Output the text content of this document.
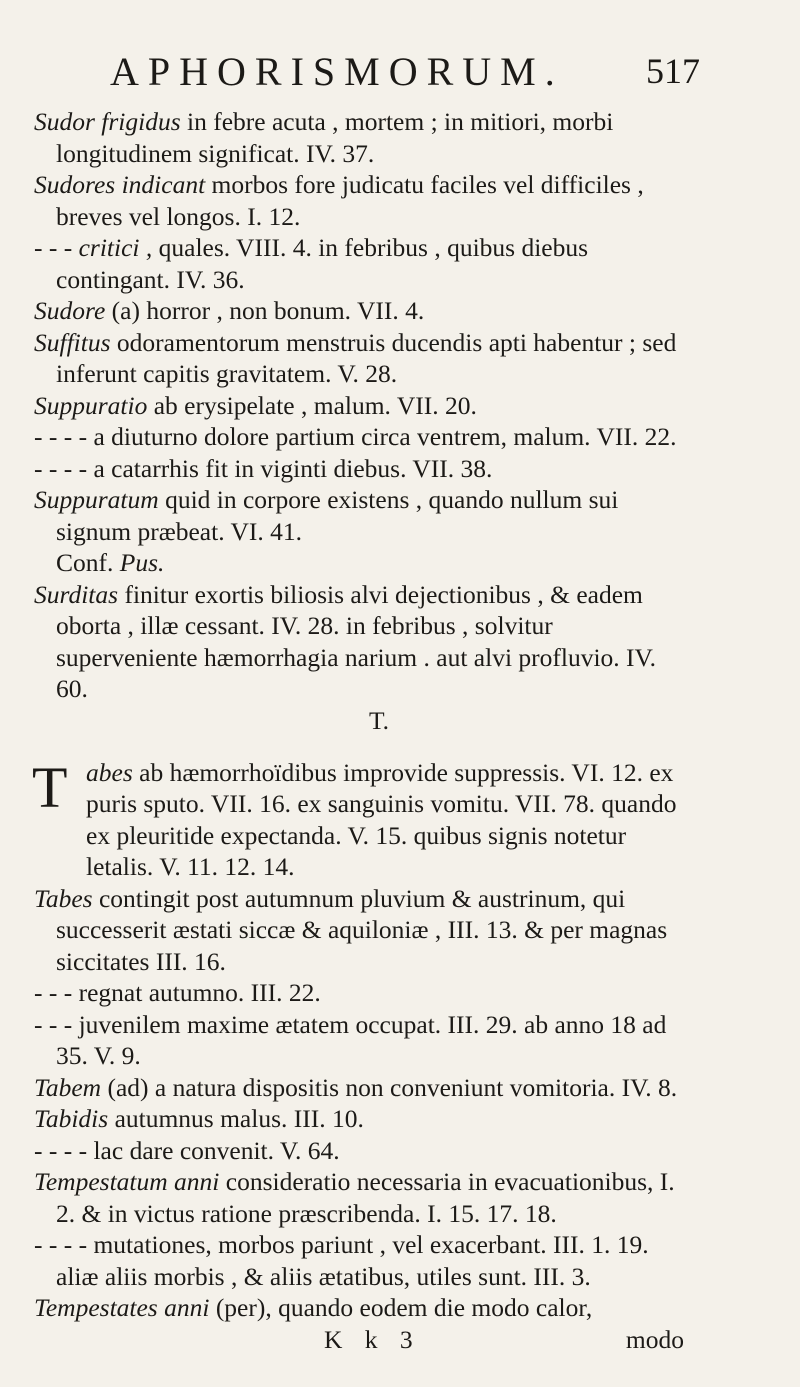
APHORISMORUM. 517

Sudor frigidus in febre acuta , mortem ; in mitiori, morbi longitudinem significat. IV. 37.

Sudores indicant morbos fore judicatu faciles vel difficiles , breves vel longos. I. 12.

- - - critici , quales. VIII. 4. in febribus , quibus diebus contingant. IV. 36.

Sudore (a) horror , non bonum. VII. 4.

Suffitus odoramentorum menstruis ducendis apti habentur ; sed inferunt capitis gravitatem. V. 28.

Suppuratio ab erysipelate , malum. VII. 20.

- - - - a diuturno dolore partium circa ventrem, malum. VII. 22.

- - - - a catarrhis fit in viginti diebus. VII. 38.

Suppuratum quid in corpore existens , quando nullum sui signum præbeat. VI. 41.

Conf. Pus.

Surditas finitur exortis biliosis alvi dejectionibus , & eadem oborta , illæ cessant. IV. 28. in febribus , solvitur superveniente hæmorrhagia narium . aut alvi profluvio. IV. 60.

T.

T abes ab hæmorrhoïdibus improvide suppressis. VI. 12. ex puris sputo. VII. 16. ex sanguinis vomitu. VII. 78. quando ex pleuritide expectanda. V. 15. quibus signis notetur letalis. V. 11. 12. 14.

Tabes contingit post autumnum pluvium & austrinum, qui successerit æstati siccæ & aquiloniæ , III. 13. & per magnas siccitates III. 16.

- - - regnat autumno. III. 22.

- - - juvenilem maxime ætatem occupat. III. 29. ab anno 18 ad 35. V. 9.

Tabem (ad) a natura dispositis non conveniunt vomitoria. IV. 8.

Tabidis autumnus malus. III. 10.

- - - - lac dare convenit. V. 64.

Tempestatum anni consideratio necessaria in evacuationibus, I. 2. & in victus ratione præscribenda. I. 15. 17. 18.

- - - - mutationes, morbos pariunt , vel exacerbant. III. 1. 19. aliæ aliis morbis , & aliis ætatibus, utiles sunt. III. 3.

Tempestates anni (per), quando eodem die modo calor,

K k 3	modo
